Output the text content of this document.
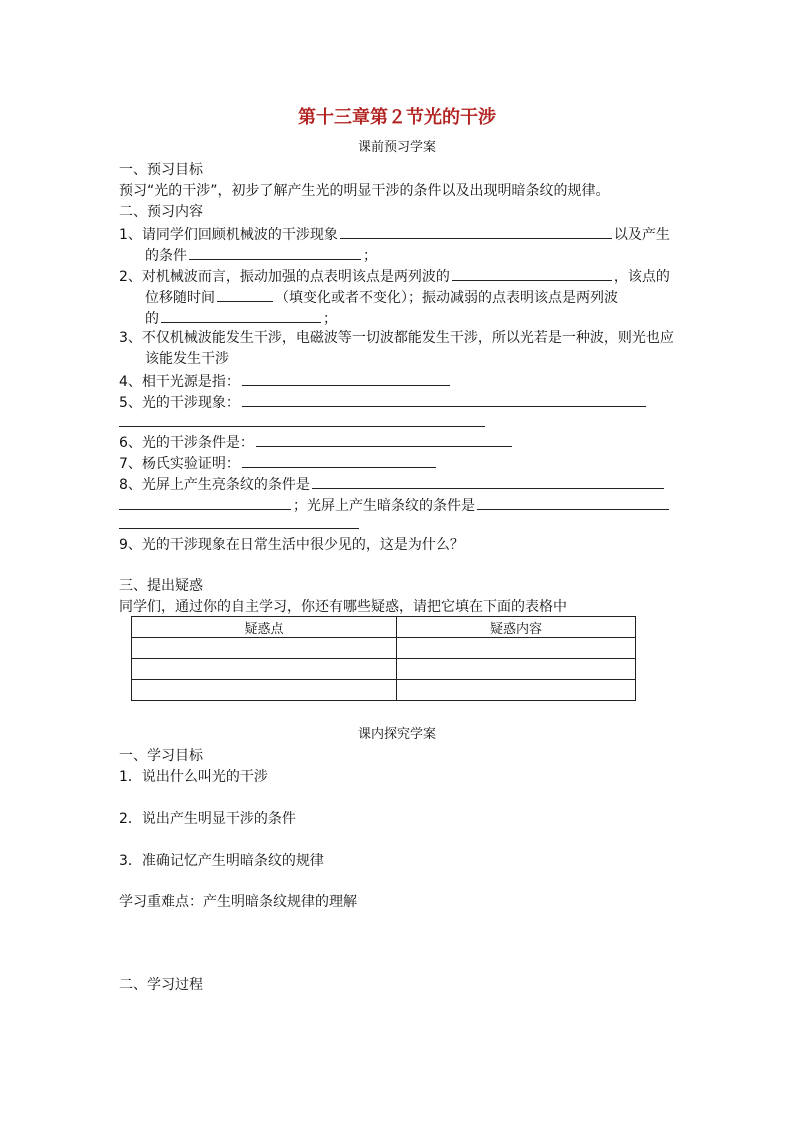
第十三章第２节光的干涉
课前预习学案
一、预习目标
预习“光的干涉”，初步了解产生光的明显干涉的条件以及出现明暗条纹的规律。
二、预习内容
1、请同学们回顾机械波的干涉现象	以及产生
的条件	；
2、对机械波而言，振动加强的点表明该点是两列波的	，该点的
位移随时间	（填变化或者不变化）；振动减弱的点表明该点是两列波
的	；
3、不仅机械波能发生干涉，电磁波等一切波都能发生干涉，所以光若是一种波，则光也应
该能发生干涉
4、相干光源是指：
5、光的干涉现象：
6、光的干涉条件是：
7、杨氏实验证明：
8、光屏上产生亮条纹的条件是
；光屏上产生暗条纹的条件是
9、光的干涉现象在日常生活中很少见的，这是为什么？
三、提出疑惑
同学们，通过你的自主学习，你还有哪些疑惑，请把它填在下面的表格中
疑惑点	疑惑内容

课内探究学案
一、学习目标
1．说出什么叫光的干涉
2．说出产生明显干涉的条件
3．准确记忆产生明暗条纹的规律
学习重难点：产生明暗条纹规律的理解
二、学习过程
